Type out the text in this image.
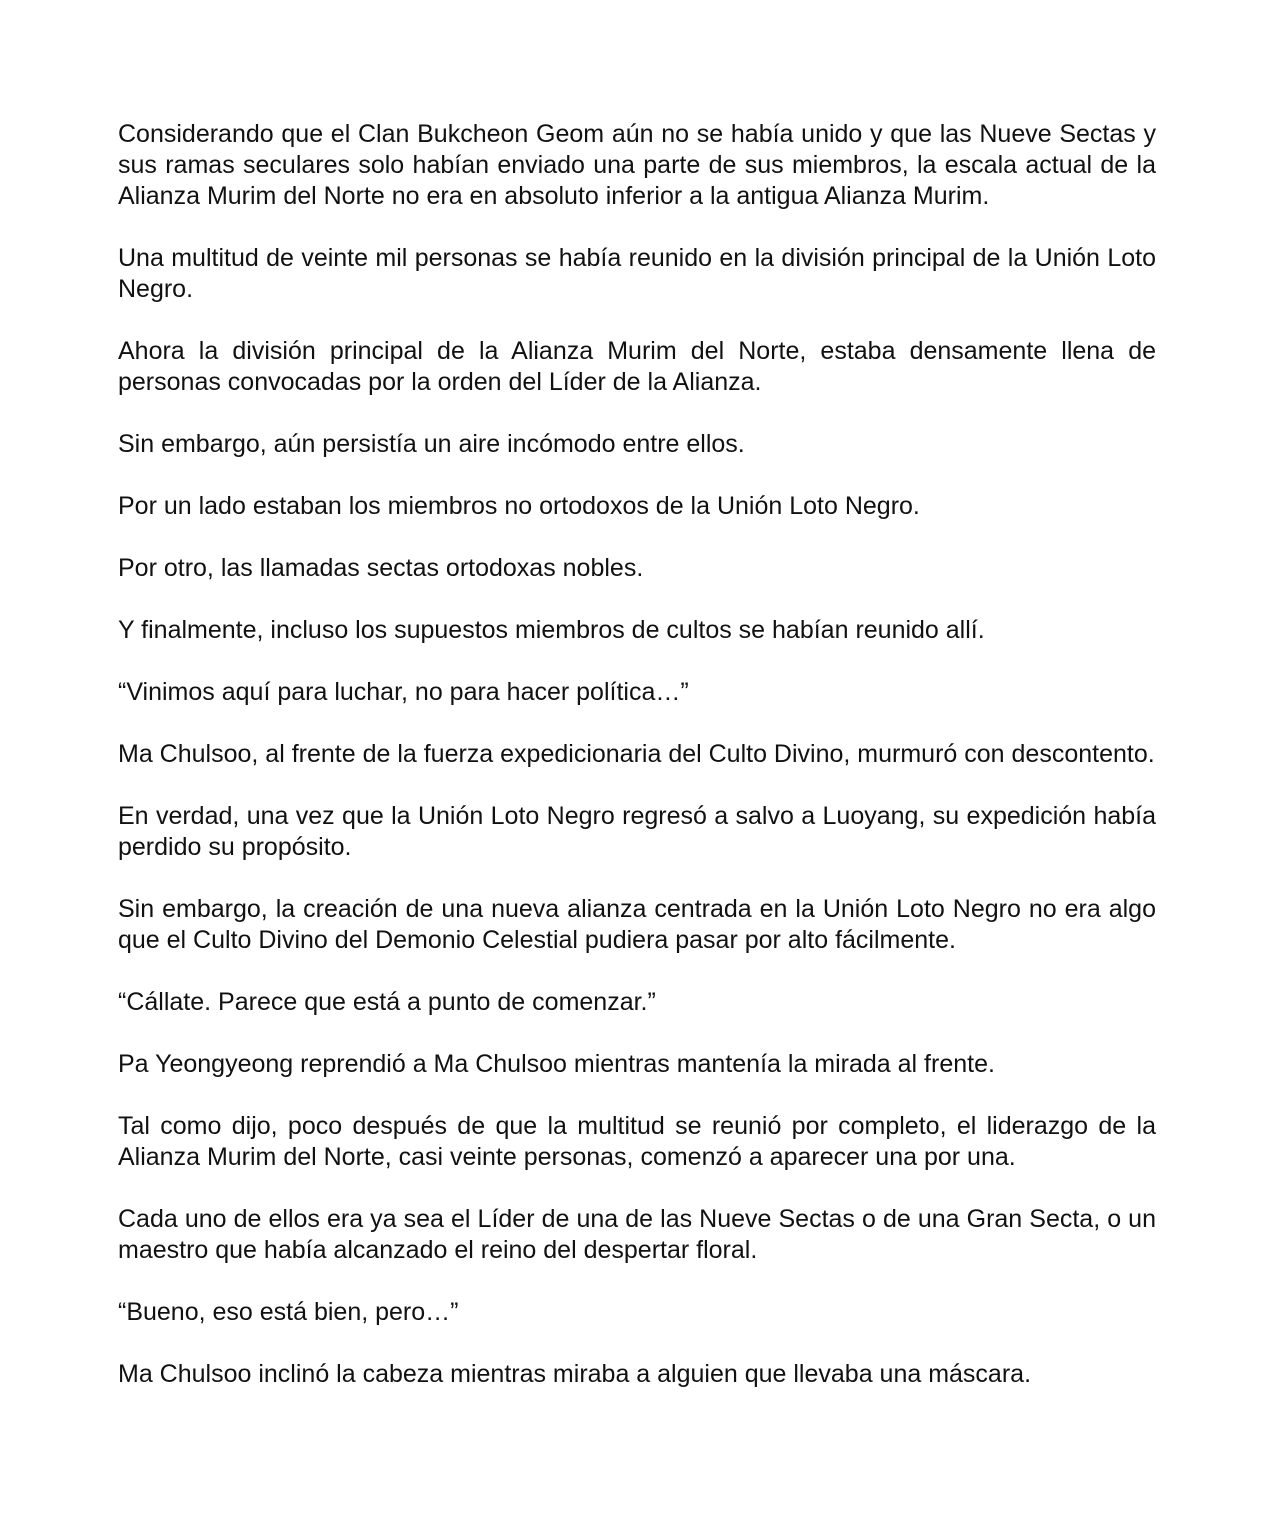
Considerando que el Clan Bukcheon Geom aún no se había unido y que las Nueve Sectas y sus ramas seculares solo habían enviado una parte de sus miembros, la escala actual de la Alianza Murim del Norte no era en absoluto inferior a la antigua Alianza Murim.

Una multitud de veinte mil personas se había reunido en la división principal de la Unión Loto Negro.

Ahora la división principal de la Alianza Murim del Norte, estaba densamente llena de personas convocadas por la orden del Líder de la Alianza.

Sin embargo, aún persistía un aire incómodo entre ellos.

Por un lado estaban los miembros no ortodoxos de la Unión Loto Negro.

Por otro, las llamadas sectas ortodoxas nobles.

Y finalmente, incluso los supuestos miembros de cultos se habían reunido allí.

“Vinimos aquí para luchar, no para hacer política…”

Ma Chulsoo, al frente de la fuerza expedicionaria del Culto Divino, murmuró con descontento.

En verdad, una vez que la Unión Loto Negro regresó a salvo a Luoyang, su expedición había perdido su propósito.

Sin embargo, la creación de una nueva alianza centrada en la Unión Loto Negro no era algo que el Culto Divino del Demonio Celestial pudiera pasar por alto fácilmente.

“Cállate. Parece que está a punto de comenzar.”

Pa Yeongyeong reprendió a Ma Chulsoo mientras mantenía la mirada al frente.

Tal como dijo, poco después de que la multitud se reunió por completo, el liderazgo de la Alianza Murim del Norte, casi veinte personas, comenzó a aparecer una por una.

Cada uno de ellos era ya sea el Líder de una de las Nueve Sectas o de una Gran Secta, o un maestro que había alcanzado el reino del despertar floral.

“Bueno, eso está bien, pero…”

Ma Chulsoo inclinó la cabeza mientras miraba a alguien que llevaba una máscara.
